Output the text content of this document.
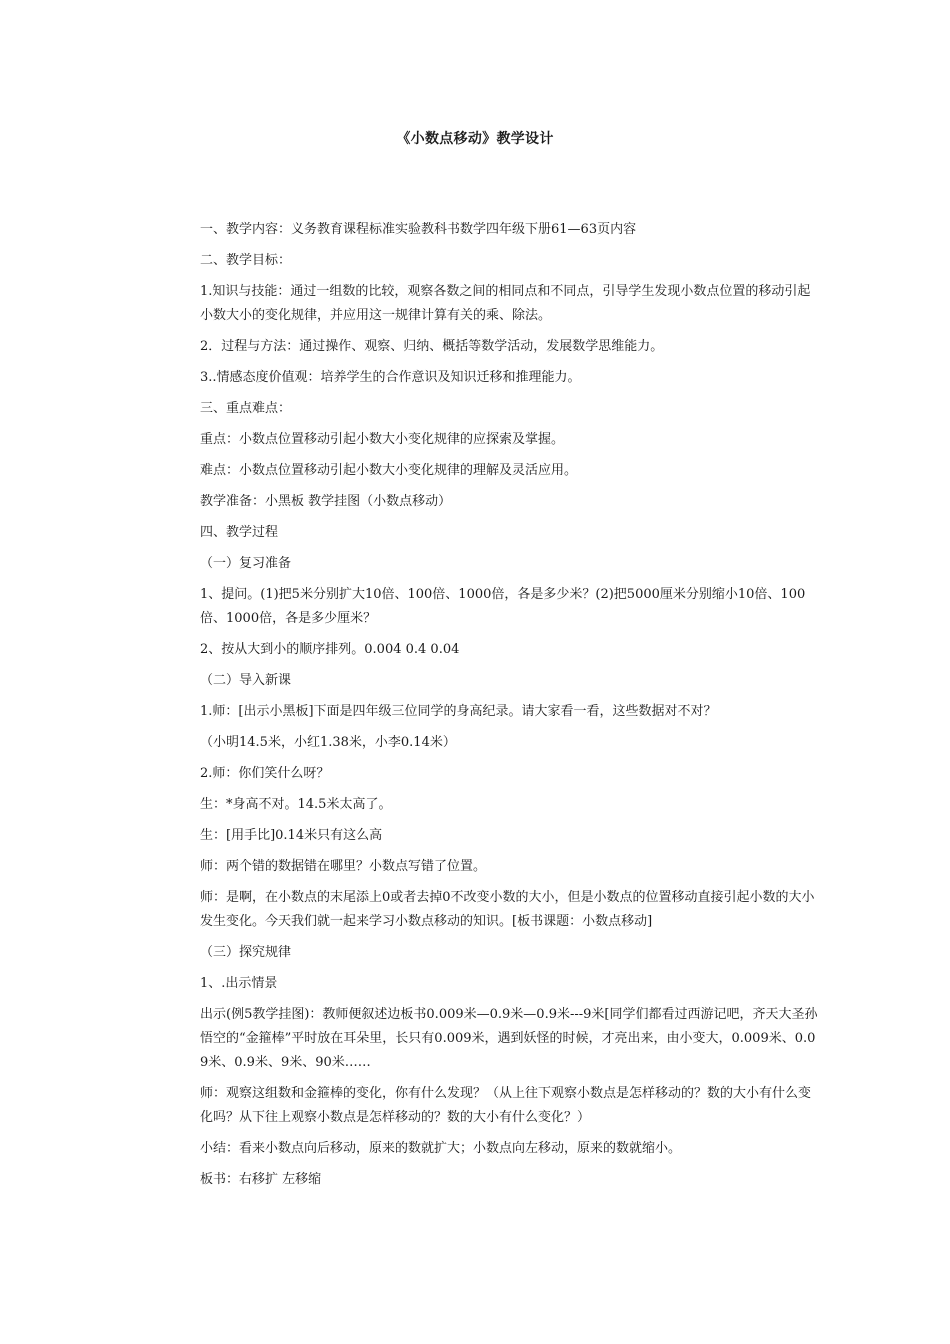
《小数点移动》教学设计
一、教学内容：义务教育课程标准实验教科书数学四年级下册61—63页内容
二、教学目标：
1.知识与技能：通过一组数的比较，观察各数之间的相同点和不同点，引导学生发现小数点位置的移动引起小数大小的变化规律，并应用这一规律计算有关的乘、除法。
2．过程与方法：通过操作、观察、归纳、概括等数学活动，发展数学思维能力。
3..情感态度价值观：培养学生的合作意识及知识迁移和推理能力。
三、重点难点：
重点：小数点位置移动引起小数大小变化规律的应探索及掌握。
难点：小数点位置移动引起小数大小变化规律的理解及灵活应用。
教学准备：小黑板 教学挂图（小数点移动）
四、教学过程
（一）复习准备
1、提问。(1)把5米分别扩大10倍、100倍、1000倍，各是多少米？(2)把5000厘米分别缩小10倍、100倍、1000倍，各是多少厘米？
2、按从大到小的顺序排列。0.004 0.4 0.04
（二）导入新课
1.师：[出示小黑板]下面是四年级三位同学的身高纪录。请大家看一看，这些数据对不对？
（小明14.5米，小红1.38米，小李0.14米）
2.师：你们笑什么呀？
生：*身高不对。14.5米太高了。
生：[用手比]0.14米只有这么高
师：两个错的数据错在哪里？小数点写错了位置。
师：是啊，在小数点的末尾添上0或者去掉0不改变小数的大小，但是小数点的位置移动直接引起小数的大小发生变化。今天我们就一起来学习小数点移动的知识。[板书课题：小数点移动]
（三）探究规律
1、.出示情景
出示(例5教学挂图)：教师便叙述边板书0.009米—0.9米—0.9米---9米[同学们都看过西游记吧，齐天大圣孙悟空的“金箍棒”平时放在耳朵里，长只有0.009米，遇到妖怪的时候，才亮出来，由小变大，0.009米、0.09米、0.9米、9米、90米……
师：观察这组数和金箍棒的变化，你有什么发现？（从上往下观察小数点是怎样移动的？数的大小有什么变化吗？从下往上观察小数点是怎样移动的？数的大小有什么变化？）
小结：看来小数点向后移动，原来的数就扩大；小数点向左移动，原来的数就缩小。
板书：右移扩 左移缩
